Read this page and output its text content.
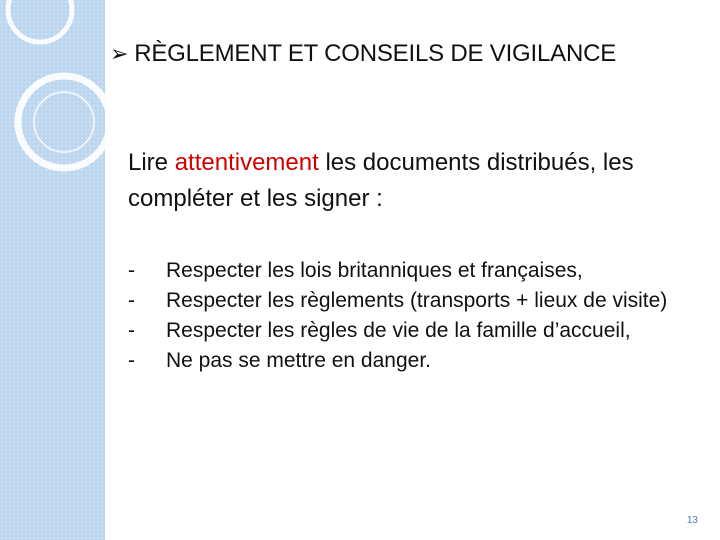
➢ RÈGLEMENT ET CONSEILS DE VIGILANCE
Lire attentivement les documents distribués, les compléter et les signer :
- Respecter les lois britanniques et françaises,
- Respecter les règlements (transports + lieux de visite)
- Respecter les règles de vie de la famille d’accueil,
- Ne pas se mettre en danger.
13
